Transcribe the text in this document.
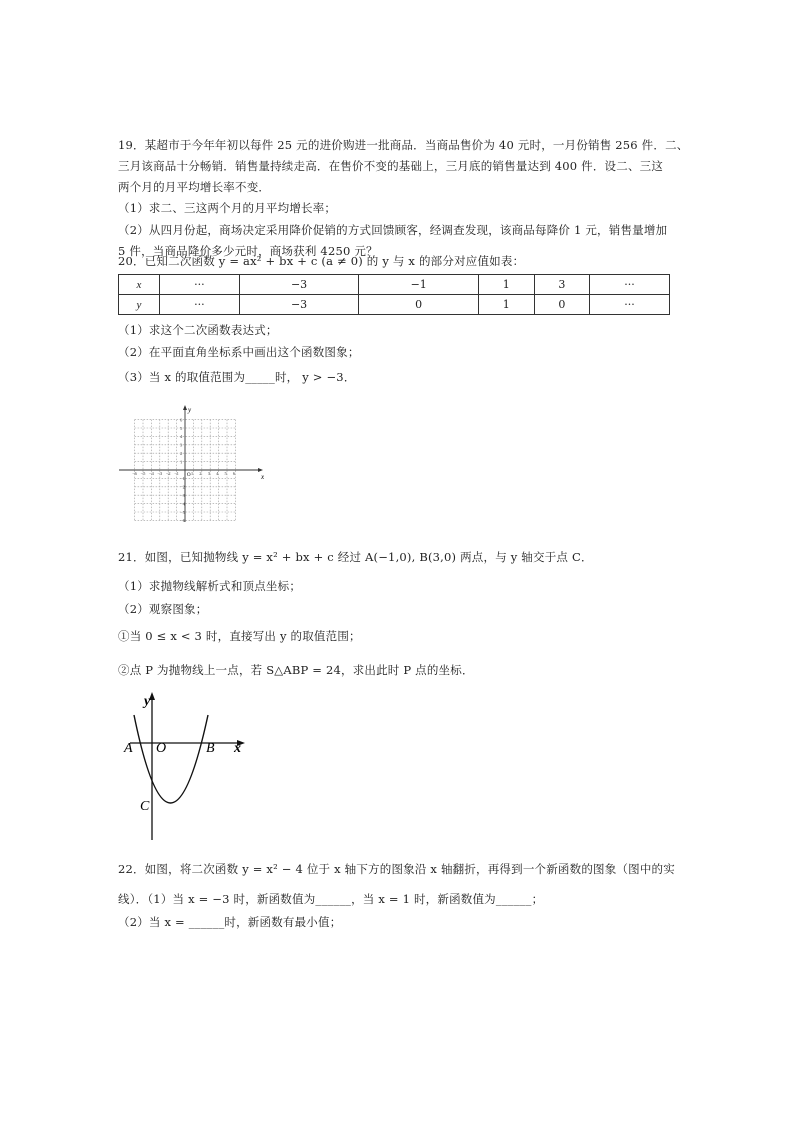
19．某超市于今年年初以每件 25 元的进价购进一批商品．当商品售价为 40 元时，一月份销售 256 件．二、
三月该商品十分畅销．销售量持续走高．在售价不变的基础上，三月底的销售量达到 400 件．设二、三这
两个月的月平均增长率不变．
（1）求二、三这两个月的月平均增长率；
（2）从四月份起，商场决定采用降价促销的方式回馈顾客，经调查发现，该商品每降价 1 元，销售量增加
5 件，当商品降价多少元时，商场获利 4250 元？
20．已知二次函数 y = ax² + bx + c (a ≠ 0) 的 y 与 x 的部分对应值如表：
x	···	−3	−1	1	3	···
y	···	−3	0	1	0	···
（1）求这个二次函数表达式；
（2）在平面直角坐标系中画出这个函数图象；
（3）当 x 的取值范围为_____时， y > −3．
x
y
O
−6 −5 −4 −3 −2 −1	1 2 3 4 5 6
6
5
4
3
2
1
−1
−2
−3
−4
−5
−6
21．如图，已知抛物线 y = x² + bx + c 经过 A(−1,0), B(3,0) 两点，与 y 轴交于点 C．
（1）求抛物线解析式和顶点坐标；
（2）观察图象；
①当 0 ≤ x < 3 时，直接写出 y 的取值范围；
②点 P 为抛物线上一点，若 S△ABP = 24，求出此时 P 点的坐标．
y
x
A O	B
C
22．如图，将二次函数 y = x² − 4 位于 x 轴下方的图象沿 x 轴翻折，再得到一个新函数的图象（图中的实
线）．（1）当 x = −3 时，新函数值为______，当 x = 1 时，新函数值为______；
（2）当 x = ______时，新函数有最小值；
